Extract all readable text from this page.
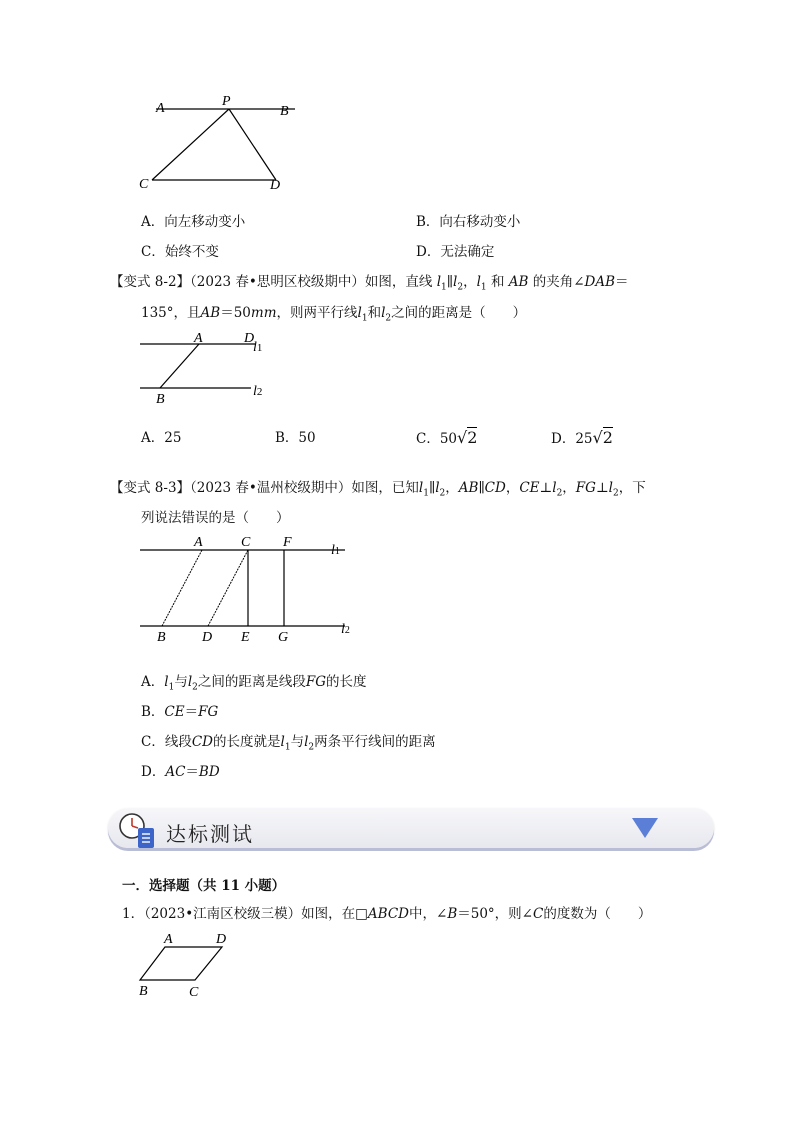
A	P
B
C	D
A．向左移动变小	B．向右移动变小
C．始终不变	D．无法确定
【变式 8-2】（2023 春•思明区校级期中）如图，直线 $l_1\parallel l_2$，$l_1$ 和 AB 的夹角∠DAB＝
135°，且AB＝50mm，则两平行线$l_1$和$l_2$之间的距离是（　　）
A	D
l1
B
l2
A．25	B．50	C．50√2	D．25√2
【变式 8-3】（2023 春•温州校级期中）如图，已知$l_1\parallel l_2$，AB∥CD，$CE\perp l_2$，$FG\perp l_2$，下
列说法错误的是（　　）
A	C F
l1
B	D E G
l2
A．$l_1$与$l_2$之间的距离是线段FG的长度
B．CE＝FG
C．线段CD的长度就是$l_1$与$l_2$两条平行线间的距离
D．AC＝BD
达标测试
一．选择题（共 11 小题）
1．（2023•江南区校级三模）如图，在□ABCD中，∠B＝50°，则∠C的度数为（　　）
A	D
B	C
